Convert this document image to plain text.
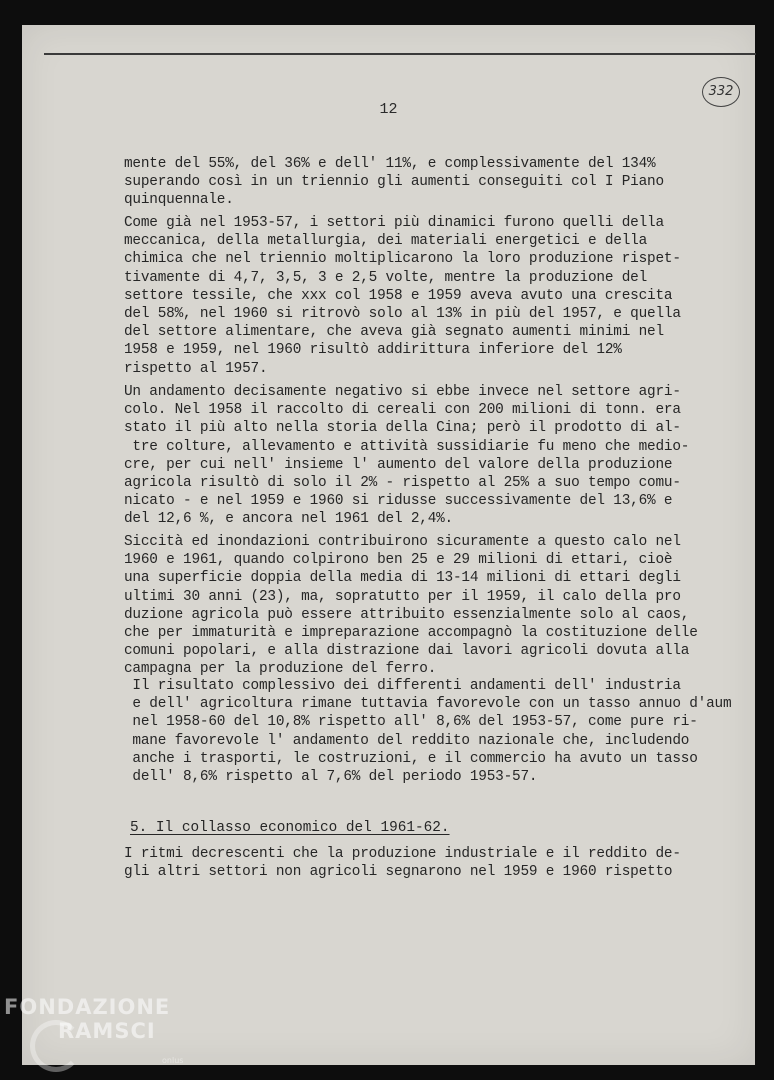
332
12
mente del 55%, del 36% e dell' 11%, e complessivamente del 134%
superando così in un triennio gli aumenti conseguiti col I Piano
quinquennale.
Come già nel 1953-57, i settori più dinamici furono quelli della
meccanica, della metallurgia, dei materiali energetici e della
chimica che nel triennio moltiplicarono la loro produzione rispet-
tivamente di 4,7, 3,5, 3 e 2,5 volte, mentre la produzione del
settore tessile, che xxx col 1958 e 1959 aveva avuto una crescita
del 58%, nel 1960 si ritrovò solo al 13% in più del 1957, e quella
del settore alimentare, che aveva già segnato aumenti minimi nel
1958 e 1959, nel 1960 risultò addirittura inferiore del 12%
rispetto al 1957.
Un andamento decisamente negativo si ebbe invece nel settore agri-
colo. Nel 1958 il raccolto di cereali con 200 milioni di tonn. era
stato il più alto nella storia della Cina; però il prodotto di al-
tre colture, allevamento e attività sussidiarie fu meno che medio-
cre, per cui nell' insieme l' aumento del valore della produzione
agricola risultò di solo il 2% - rispetto al 25% a suo tempo comu-
nicato - e nel 1959 e 1960 si ridusse successivamente del 13,6% e
del 12,6 %, e ancora nel 1961 del 2,4%.
Siccità ed inondazioni contribuirono sicuramente a questo calo nel
1960 e 1961, quando colpirono ben 25 e 29 milioni di ettari, cioè
una superficie doppia della media di 13-14 milioni di ettari degli
ultimi 30 anni (23), ma, sopratutto per il 1959, il calo della pro
duzione agricola può essere attribuito essenzialmente solo al caos,
che per immaturità e impreparazione accompagnò la costituzione delle
comuni popolari, e alla distrazione dai lavori agricoli dovuta alla
campagna per la produzione del ferro.
Il risultato complessivo dei differenti andamenti dell' industria
e dell' agricoltura rimane tuttavia favorevole con un tasso annuo d'aum
nel 1958-60 del 10,8% rispetto all' 8,6% del 1953-57, come pure ri-
mane favorevole l' andamento del reddito nazionale che, includendo
anche i trasporti, le costruzioni, e il commercio ha avuto un tasso
dell' 8,6% rispetto al 7,6% del periodo 1953-57.
5. Il collasso economico del 1961-62.
I ritmi decrescenti che la produzione industriale e il reddito de-
gli altri settori non agricoli segnarono nel 1959 e 1960 rispetto
FONDAZIONE
RAMSCI
onlus
